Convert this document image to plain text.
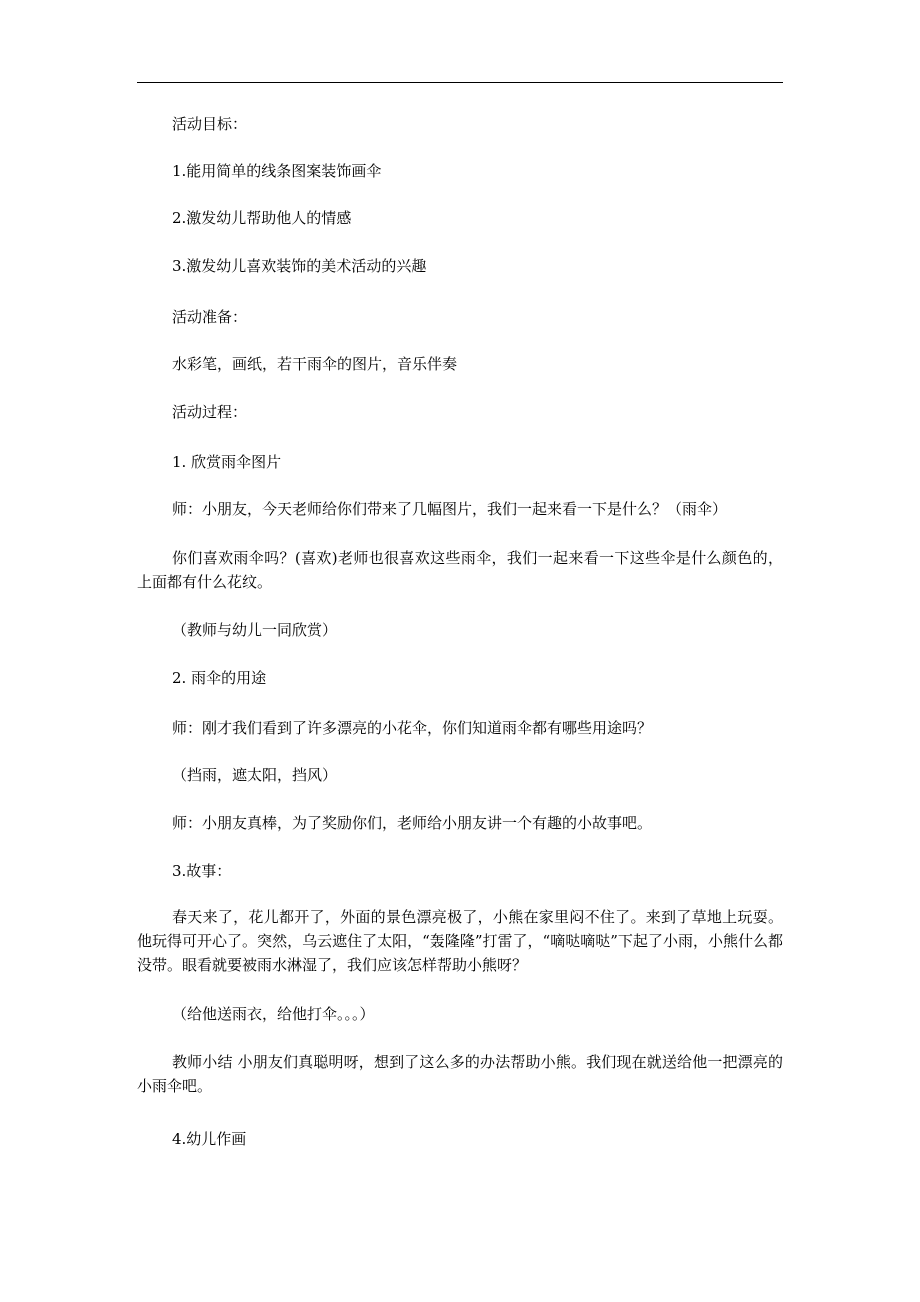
活动目标：
1.能用简单的线条图案装饰画伞
2.激发幼儿帮助他人的情感
3.激发幼儿喜欢装饰的美术活动的兴趣
活动准备：
水彩笔，画纸，若干雨伞的图片，音乐伴奏
活动过程：
1. 欣赏雨伞图片
师：小朋友，今天老师给你们带来了几幅图片，我们一起来看一下是什么？（雨伞）
你们喜欢雨伞吗？(喜欢)老师也很喜欢这些雨伞，我们一起来看一下这些伞是什么颜色的，上面都有什么花纹。
（教师与幼儿一同欣赏）
2. 雨伞的用途
师：刚才我们看到了许多漂亮的小花伞，你们知道雨伞都有哪些用途吗？
（挡雨，遮太阳，挡风）
师：小朋友真棒，为了奖励你们，老师给小朋友讲一个有趣的小故事吧。
3.故事：
春天来了，花儿都开了，外面的景色漂亮极了，小熊在家里闷不住了。来到了草地上玩耍。他玩得可开心了。突然，乌云遮住了太阳，“轰隆隆”打雷了，“嘀哒嘀哒”下起了小雨，小熊什么都没带。眼看就要被雨水淋湿了，我们应该怎样帮助小熊呀？
（给他送雨衣，给他打伞。。。）
教师小结 小朋友们真聪明呀，想到了这么多的办法帮助小熊。我们现在就送给他一把漂亮的小雨伞吧。
4.幼儿作画
